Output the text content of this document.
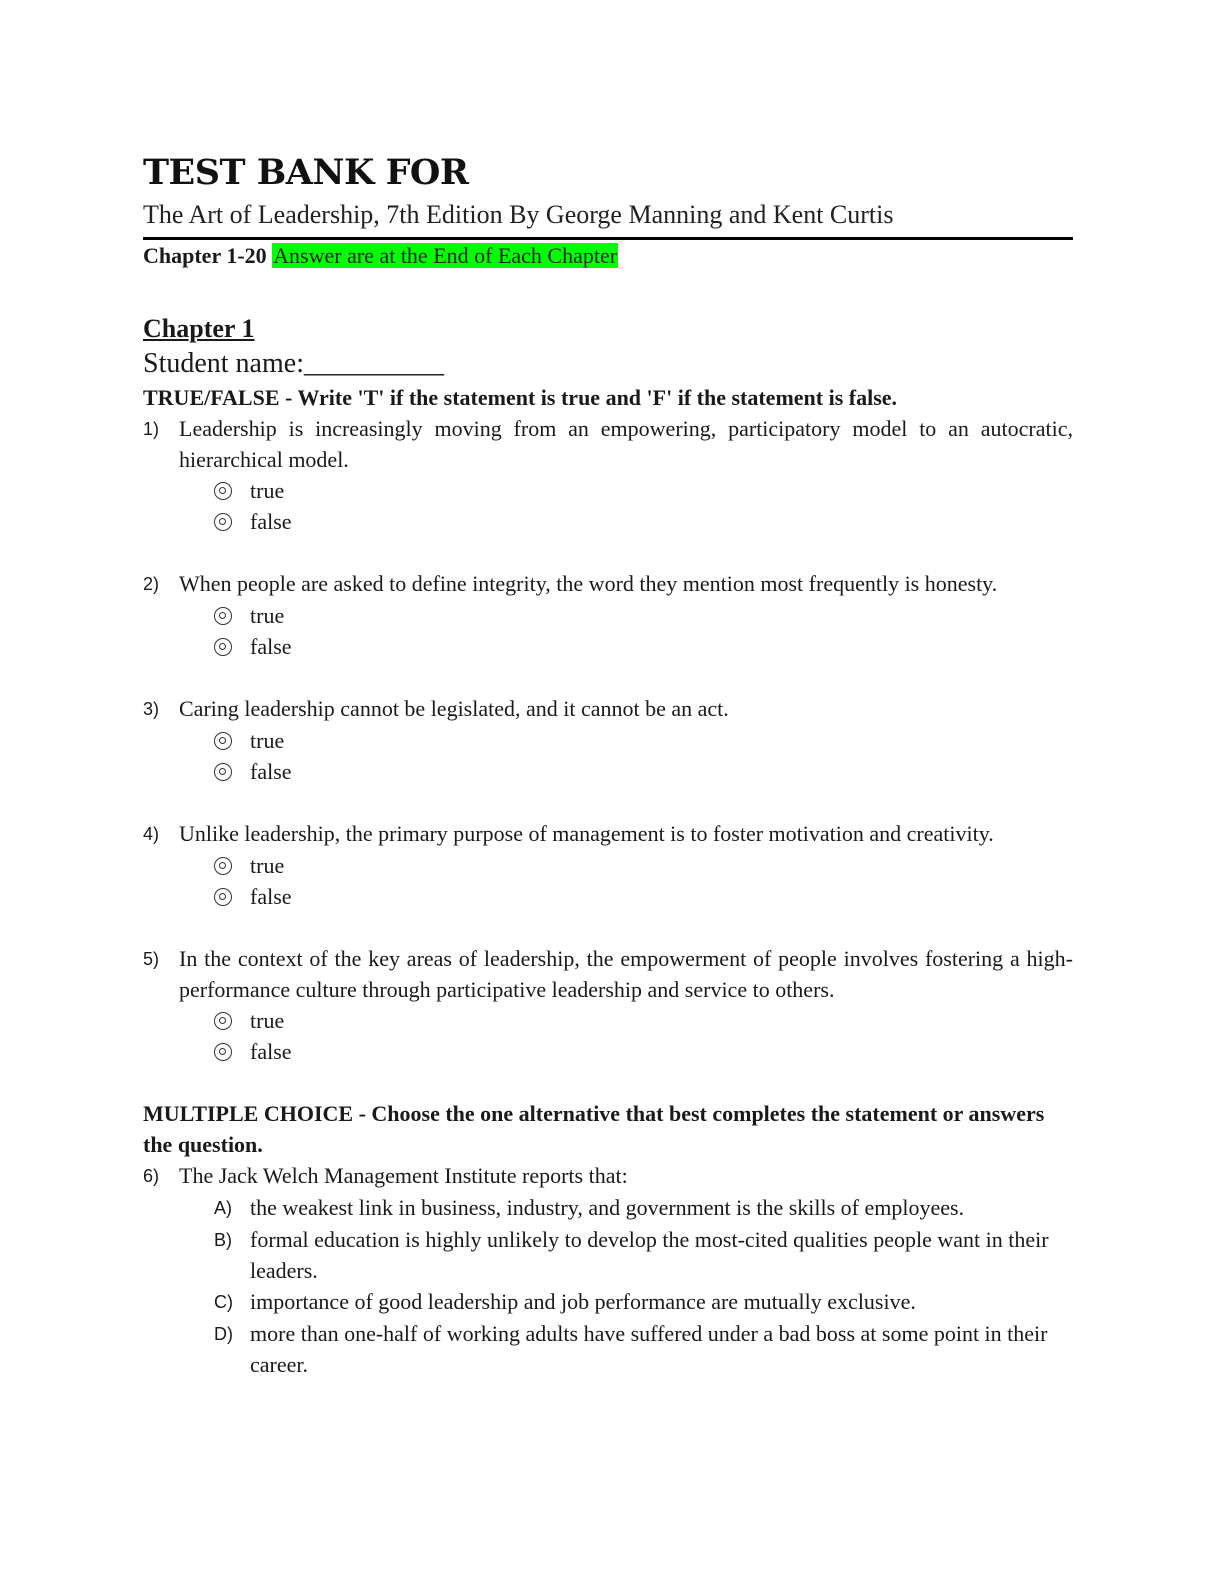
TEST BANK FOR

The Art of Leadership, 7th Edition By George Manning and Kent Curtis

Chapter 1-20 Answer are at the End of Each Chapter

Chapter 1

Student name:__________

TRUE/FALSE - Write 'T' if the statement is true and 'F' if the statement is false.

1) Leadership is increasingly moving from an empowering, participatory model to an autocratic, hierarchical model.
true
false
2) When people are asked to define integrity, the word they mention most frequently is honesty.
true
false
3) Caring leadership cannot be legislated, and it cannot be an act.
true
false
4) Unlike leadership, the primary purpose of management is to foster motivation and creativity.
true
false
5) In the context of the key areas of leadership, the empowerment of people involves fostering a high-performance culture through participative leadership and service to others.
true
false

MULTIPLE CHOICE - Choose the one alternative that best completes the statement or answers the question.

6) The Jack Welch Management Institute reports that:
A) the weakest link in business, industry, and government is the skills of employees.
B) formal education is highly unlikely to develop the most-cited qualities people want in their leaders.
C) importance of good leadership and job performance are mutually exclusive.
D) more than one-half of working adults have suffered under a bad boss at some point in their career.
